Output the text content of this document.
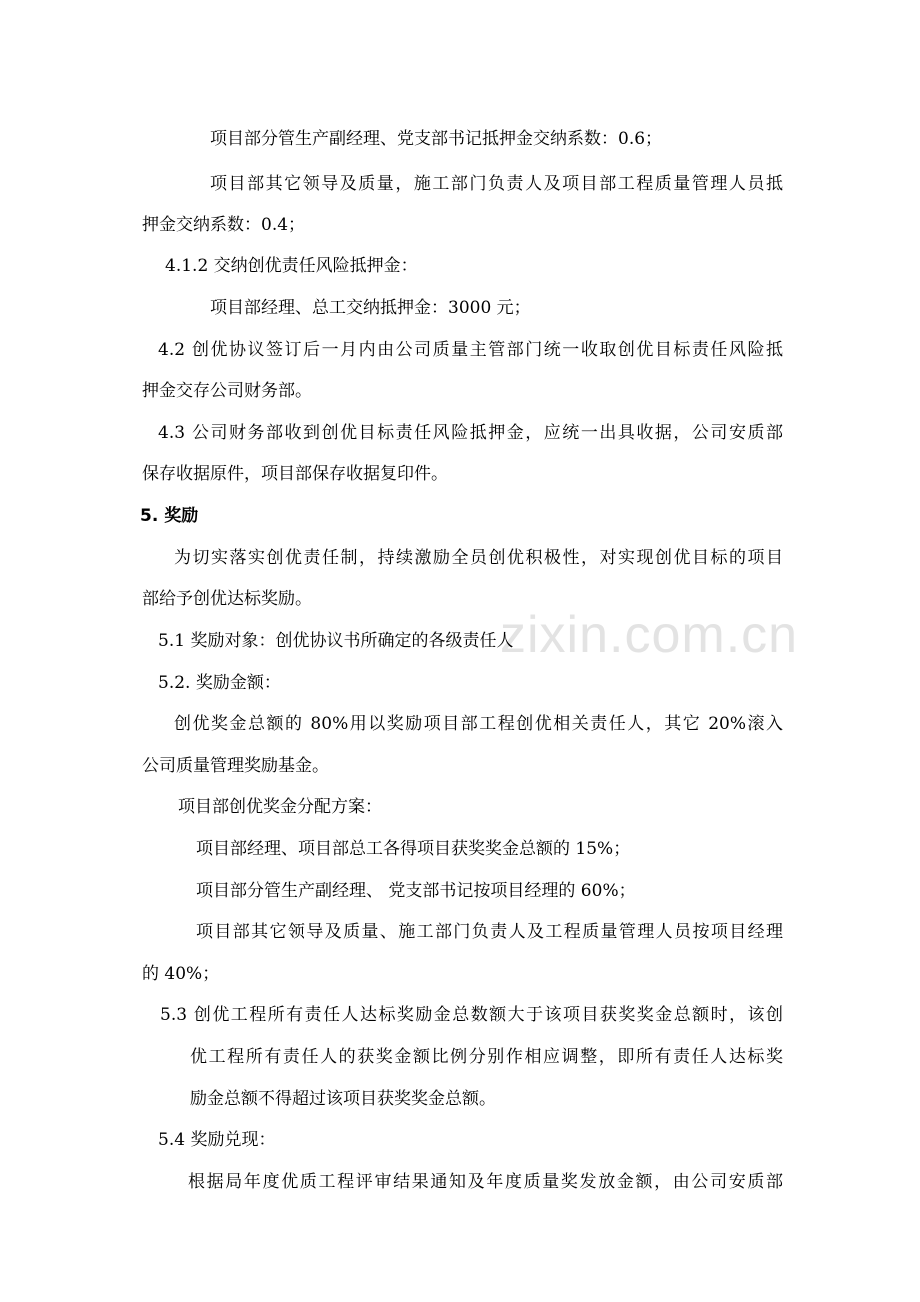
zixin.com.cn

项目部分管生产副经理、党支部书记抵押金交纳系数：0.6；

项目部其它领导及质量，施工部门负责人及项目部工程质量管理人员抵

押金交纳系数：0.4；

4.1.2 交纳创优责任风险抵押金：

项目部经理、总工交纳抵押金：3000 元；

4.2 创优协议签订后一月内由公司质量主管部门统一收取创优目标责任风险抵

押金交存公司财务部。

4.3 公司财务部收到创优目标责任风险抵押金，应统一出具收据，公司安质部

保存收据原件，项目部保存收据复印件。

5. 奖励

为切实落实创优责任制，持续激励全员创优积极性，对实现创优目标的项目

部给予创优达标奖励。

5.1 奖励对象：创优协议书所确定的各级责任人

5.2. 奖励金额：

创优奖金总额的 80%用以奖励项目部工程创优相关责任人，其它 20%滚入

公司质量管理奖励基金。

项目部创优奖金分配方案：

项目部经理、项目部总工各得项目获奖奖金总额的 15%；

项目部分管生产副经理、 党支部书记按项目经理的 60%；

项目部其它领导及质量、施工部门负责人及工程质量管理人员按项目经理

的 40%；

5.3 创优工程所有责任人达标奖励金总数额大于该项目获奖奖金总额时，该创

优工程所有责任人的获奖金额比例分别作相应调整，即所有责任人达标奖

励金总额不得超过该项目获奖奖金总额。

5.4 奖励兑现：

根据局年度优质工程评审结果通知及年度质量奖发放金额，由公司安质部
